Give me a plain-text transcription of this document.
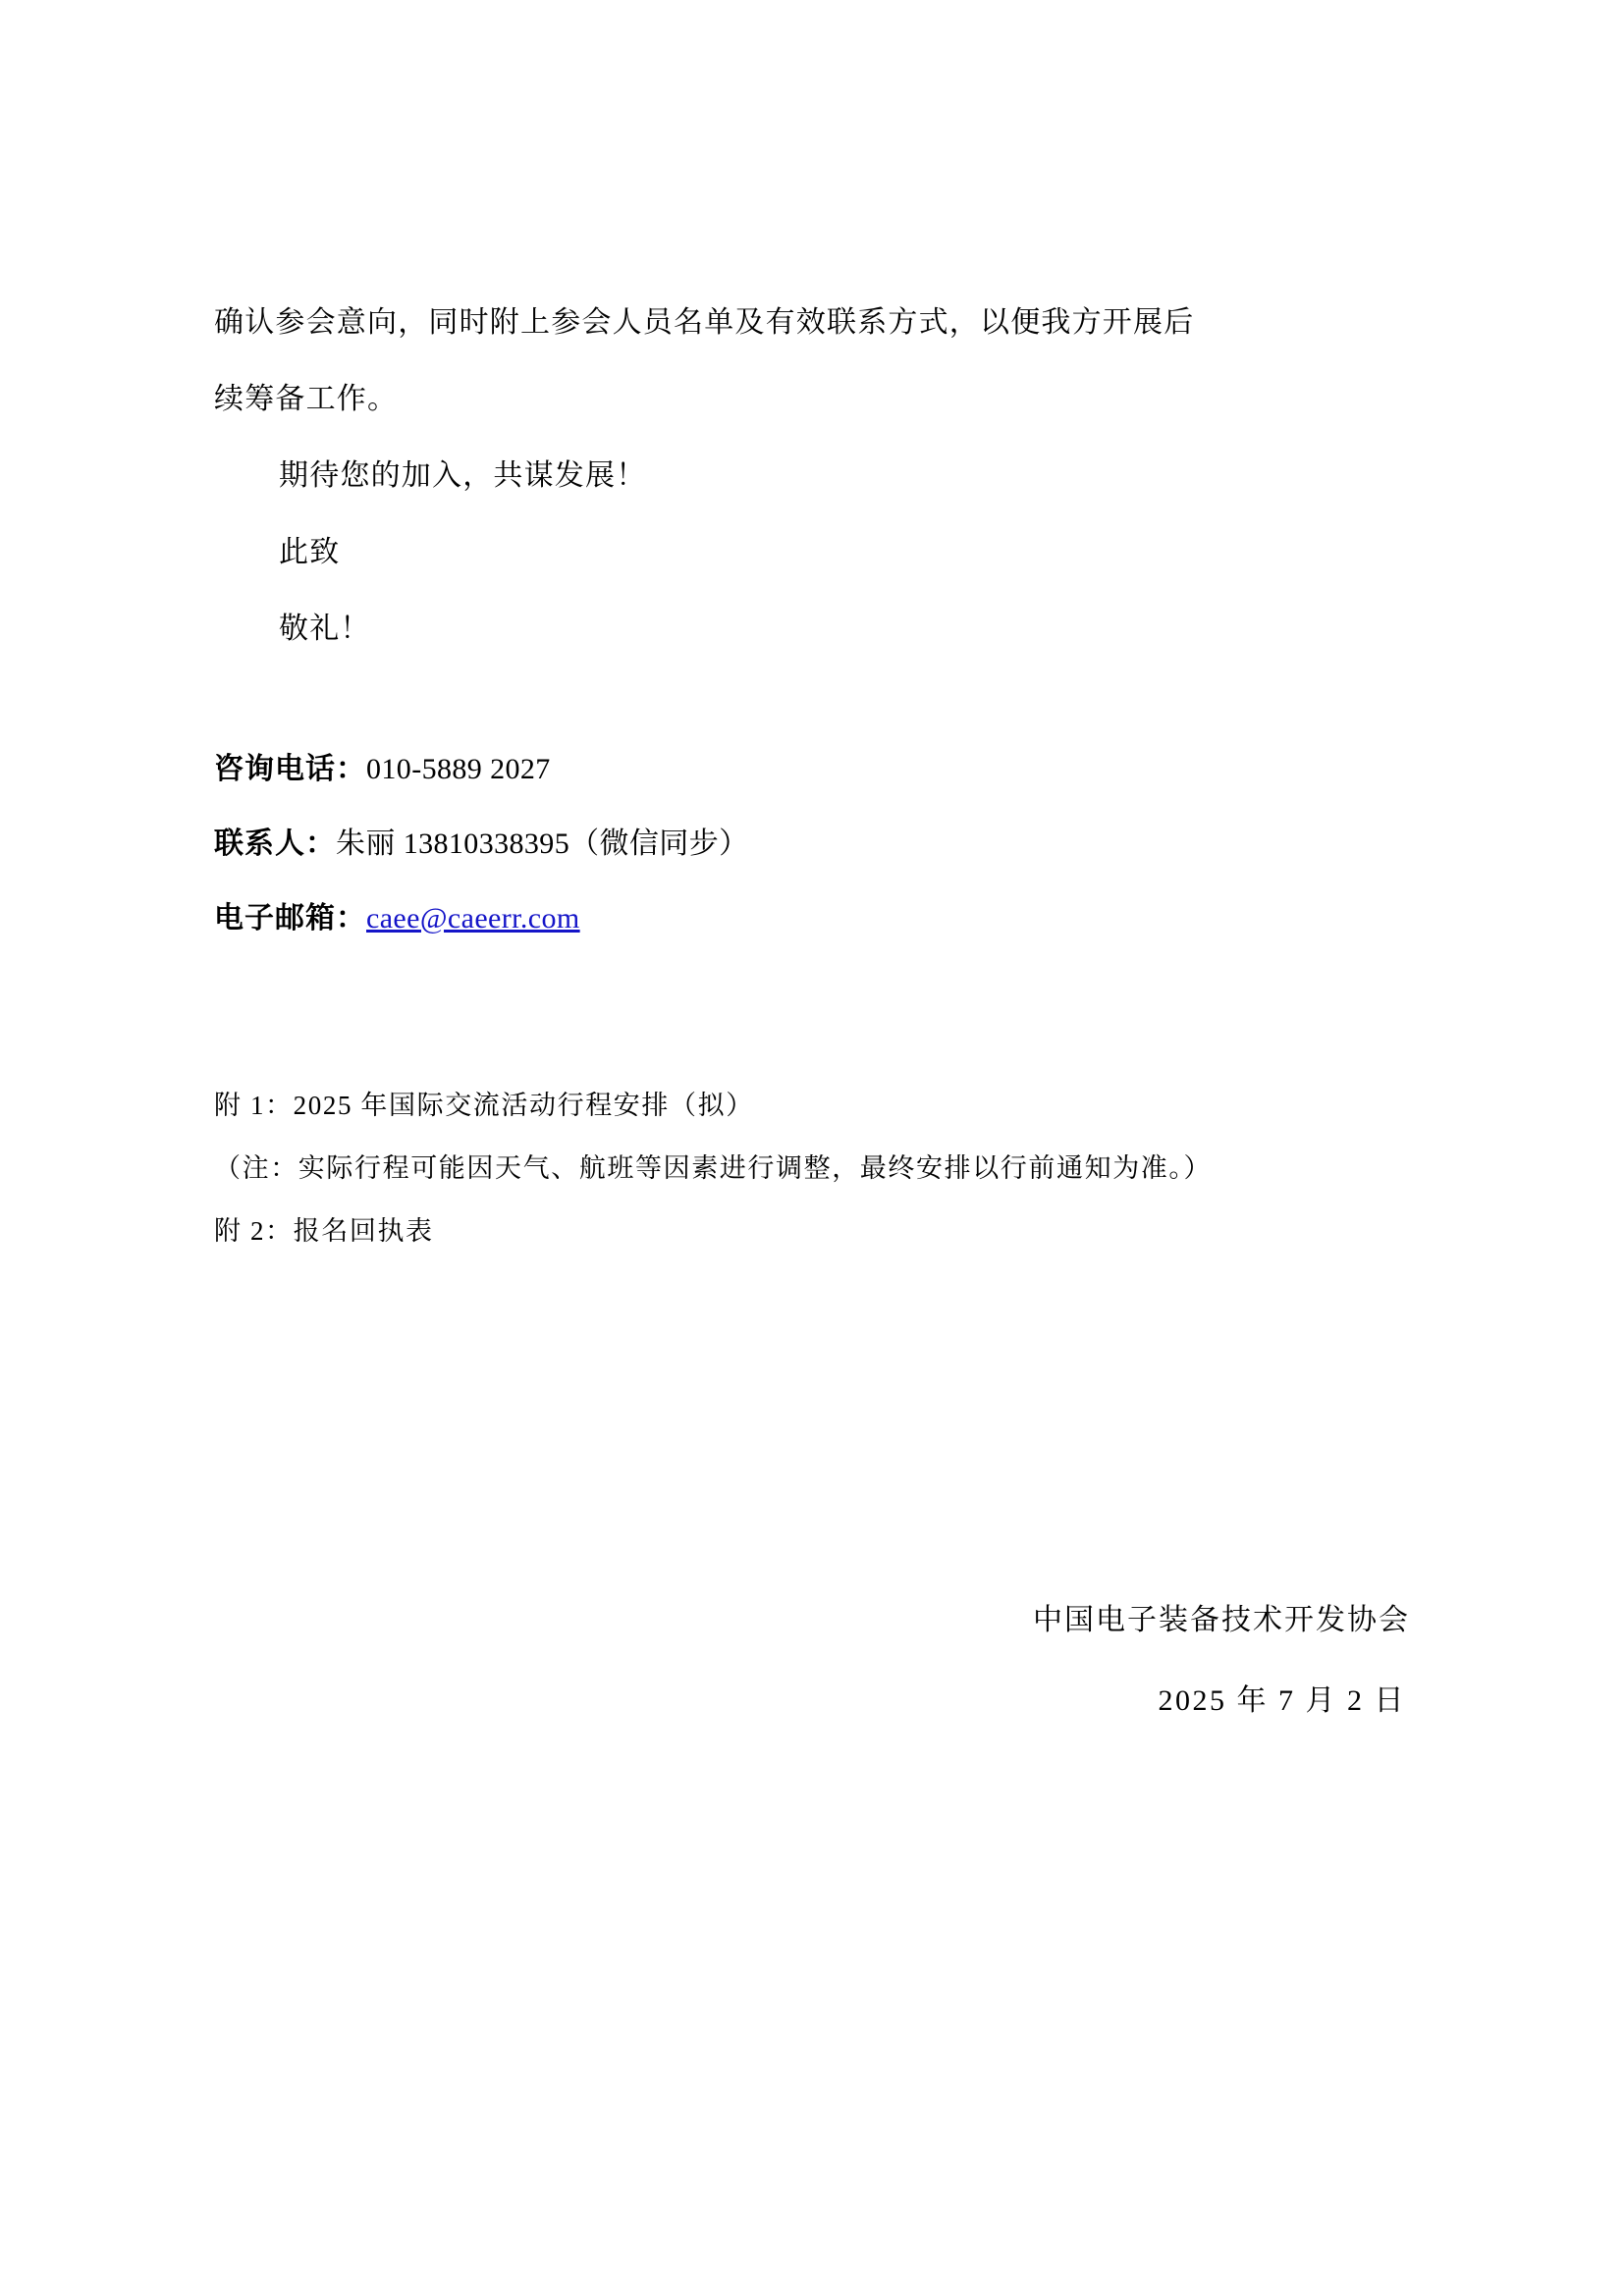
确认参会意向，同时附上参会人员名单及有效联系方式，以便我方开展后
续筹备工作。
期待您的加入，共谋发展！
此致
敬礼！
咨询电话：010-5889 2027
联系人：朱丽 13810338395（微信同步）
电子邮箱：caee@caeerr.com
附 1：2025 年国际交流活动行程安排（拟）
（注：实际行程可能因天气、航班等因素进行调整，最终安排以行前通知为准。）
附 2：报名回执表
中国电子装备技术开发协会
2025 年 7 月 2 日
